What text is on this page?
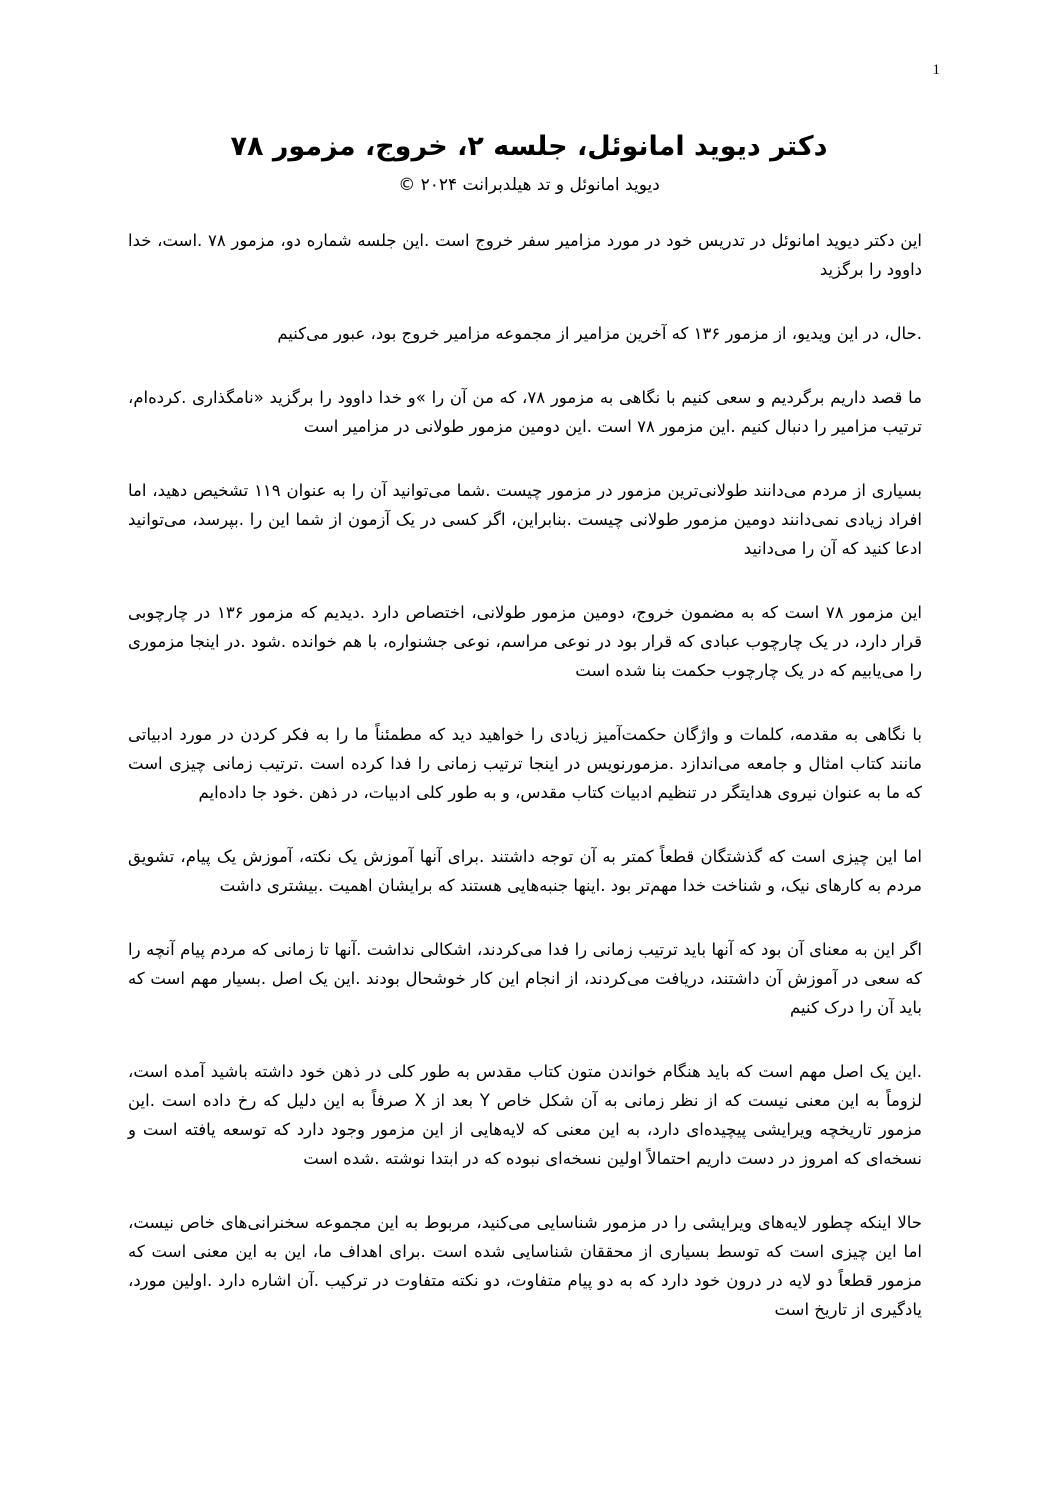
1
دکتر دیوید امانوئل، جلسه ۲، خروج، مزمور ۷۸
دیوید امانوئل و تد هیلدبرانت ۲۰۲۴ ©

این دکتر دیوید امانوئل در تدریس خود در مورد مزامیر سفر خروج است .این جلسه شماره دو، مزمور ۷۸ .است، خدا داوود را برگزید

.حال، در این ویدیو، از مزمور ۱۳۶ که آخرین مزامیر از مجموعه مزامیر خروج بود، عبور می‌کنیم

ما قصد داریم برگردیم و سعی کنیم با نگاهی به مزمور ۷۸، که من آن را »و خدا داوود را برگزید «نامگذاری .کرده‌ام، ترتیب مزامیر را دنبال کنیم .این مزمور ۷۸ است .این دومین مزمور طولانی در مزامیر است

بسیاری از مردم می‌دانند طولانی‌ترین مزمور در مزمور چیست .شما می‌توانید آن را به عنوان ۱۱۹ تشخیص دهید، اما افراد زیادی نمی‌دانند دومین مزمور طولانی چیست .بنابراین، اگر کسی در یک آزمون از شما این را .بپرسد، می‌توانید ادعا کنید که آن را می‌دانید

این مزمور ۷۸ است که به مضمون خروج، دومین مزمور طولانی، اختصاص دارد .دیدیم که مزمور ۱۳۶ در چارچوبی قرار دارد، در یک چارچوب عبادی که قرار بود در نوعی مراسم، نوعی جشنواره، با هم خوانده .شود .در اینجا مزموری را می‌یابیم که در یک چارچوب حکمت بنا شده است

با نگاهی به مقدمه، کلمات و واژگان حکمت‌آمیز زیادی را خواهید دید که مطمئناً ما را به فکر کردن در مورد ادبیاتی مانند کتاب امثال و جامعه می‌اندازد .مزمورنویس در اینجا ترتیب زمانی را فدا کرده است .ترتیب زمانی چیزی است که ما به عنوان نیروی هدایتگر در تنظیم ادبیات کتاب مقدس، و به طور کلی ادبیات، در ذهن .خود جا داده‌ایم

اما این چیزی است که گذشتگان قطعاً کمتر به آن توجه داشتند .برای آنها آموزش یک نکته، آموزش یک پیام، تشویق مردم به کارهای نیک، و شناخت خدا مهم‌تر بود .اینها جنبه‌هایی هستند که برایشان اهمیت .بیشتری داشت

اگر این به معنای آن بود که آنها باید ترتیب زمانی را فدا می‌کردند، اشکالی نداشت .آنها تا زمانی که مردم پیام آنچه را که سعی در آموزش آن داشتند، دریافت می‌کردند، از انجام این کار خوشحال بودند .این یک اصل .بسیار مهم است که باید آن را درک کنیم

.این یک اصل مهم است که باید هنگام خواندن متون کتاب مقدس به طور کلی در ذهن خود داشته باشید آمده است، لزوماً به این معنی نیست که از نظر زمانی به آن شکل خاص Y بعد از X صرفاً به این دلیل که رخ داده است .این مزمور تاریخچه ویرایشی پیچیده‌ای دارد، به این معنی که لایه‌هایی از این مزمور وجود دارد که توسعه یافته است و نسخه‌ای که امروز در دست داریم احتمالاً اولین نسخه‌ای نبوده که در ابتدا نوشته .شده است

حالا اینکه چطور لایه‌های ویرایشی را در مزمور شناسایی می‌کنید، مربوط به این مجموعه سخنرانی‌های خاص نیست، اما این چیزی است که توسط بسیاری از محققان شناسایی شده است .برای اهداف ما، این به این معنی است که مزمور قطعاً دو لایه در درون خود دارد که به دو پیام متفاوت، دو نکته متفاوت در ترکیب .آن اشاره دارد .اولین مورد، یادگیری از تاریخ است
